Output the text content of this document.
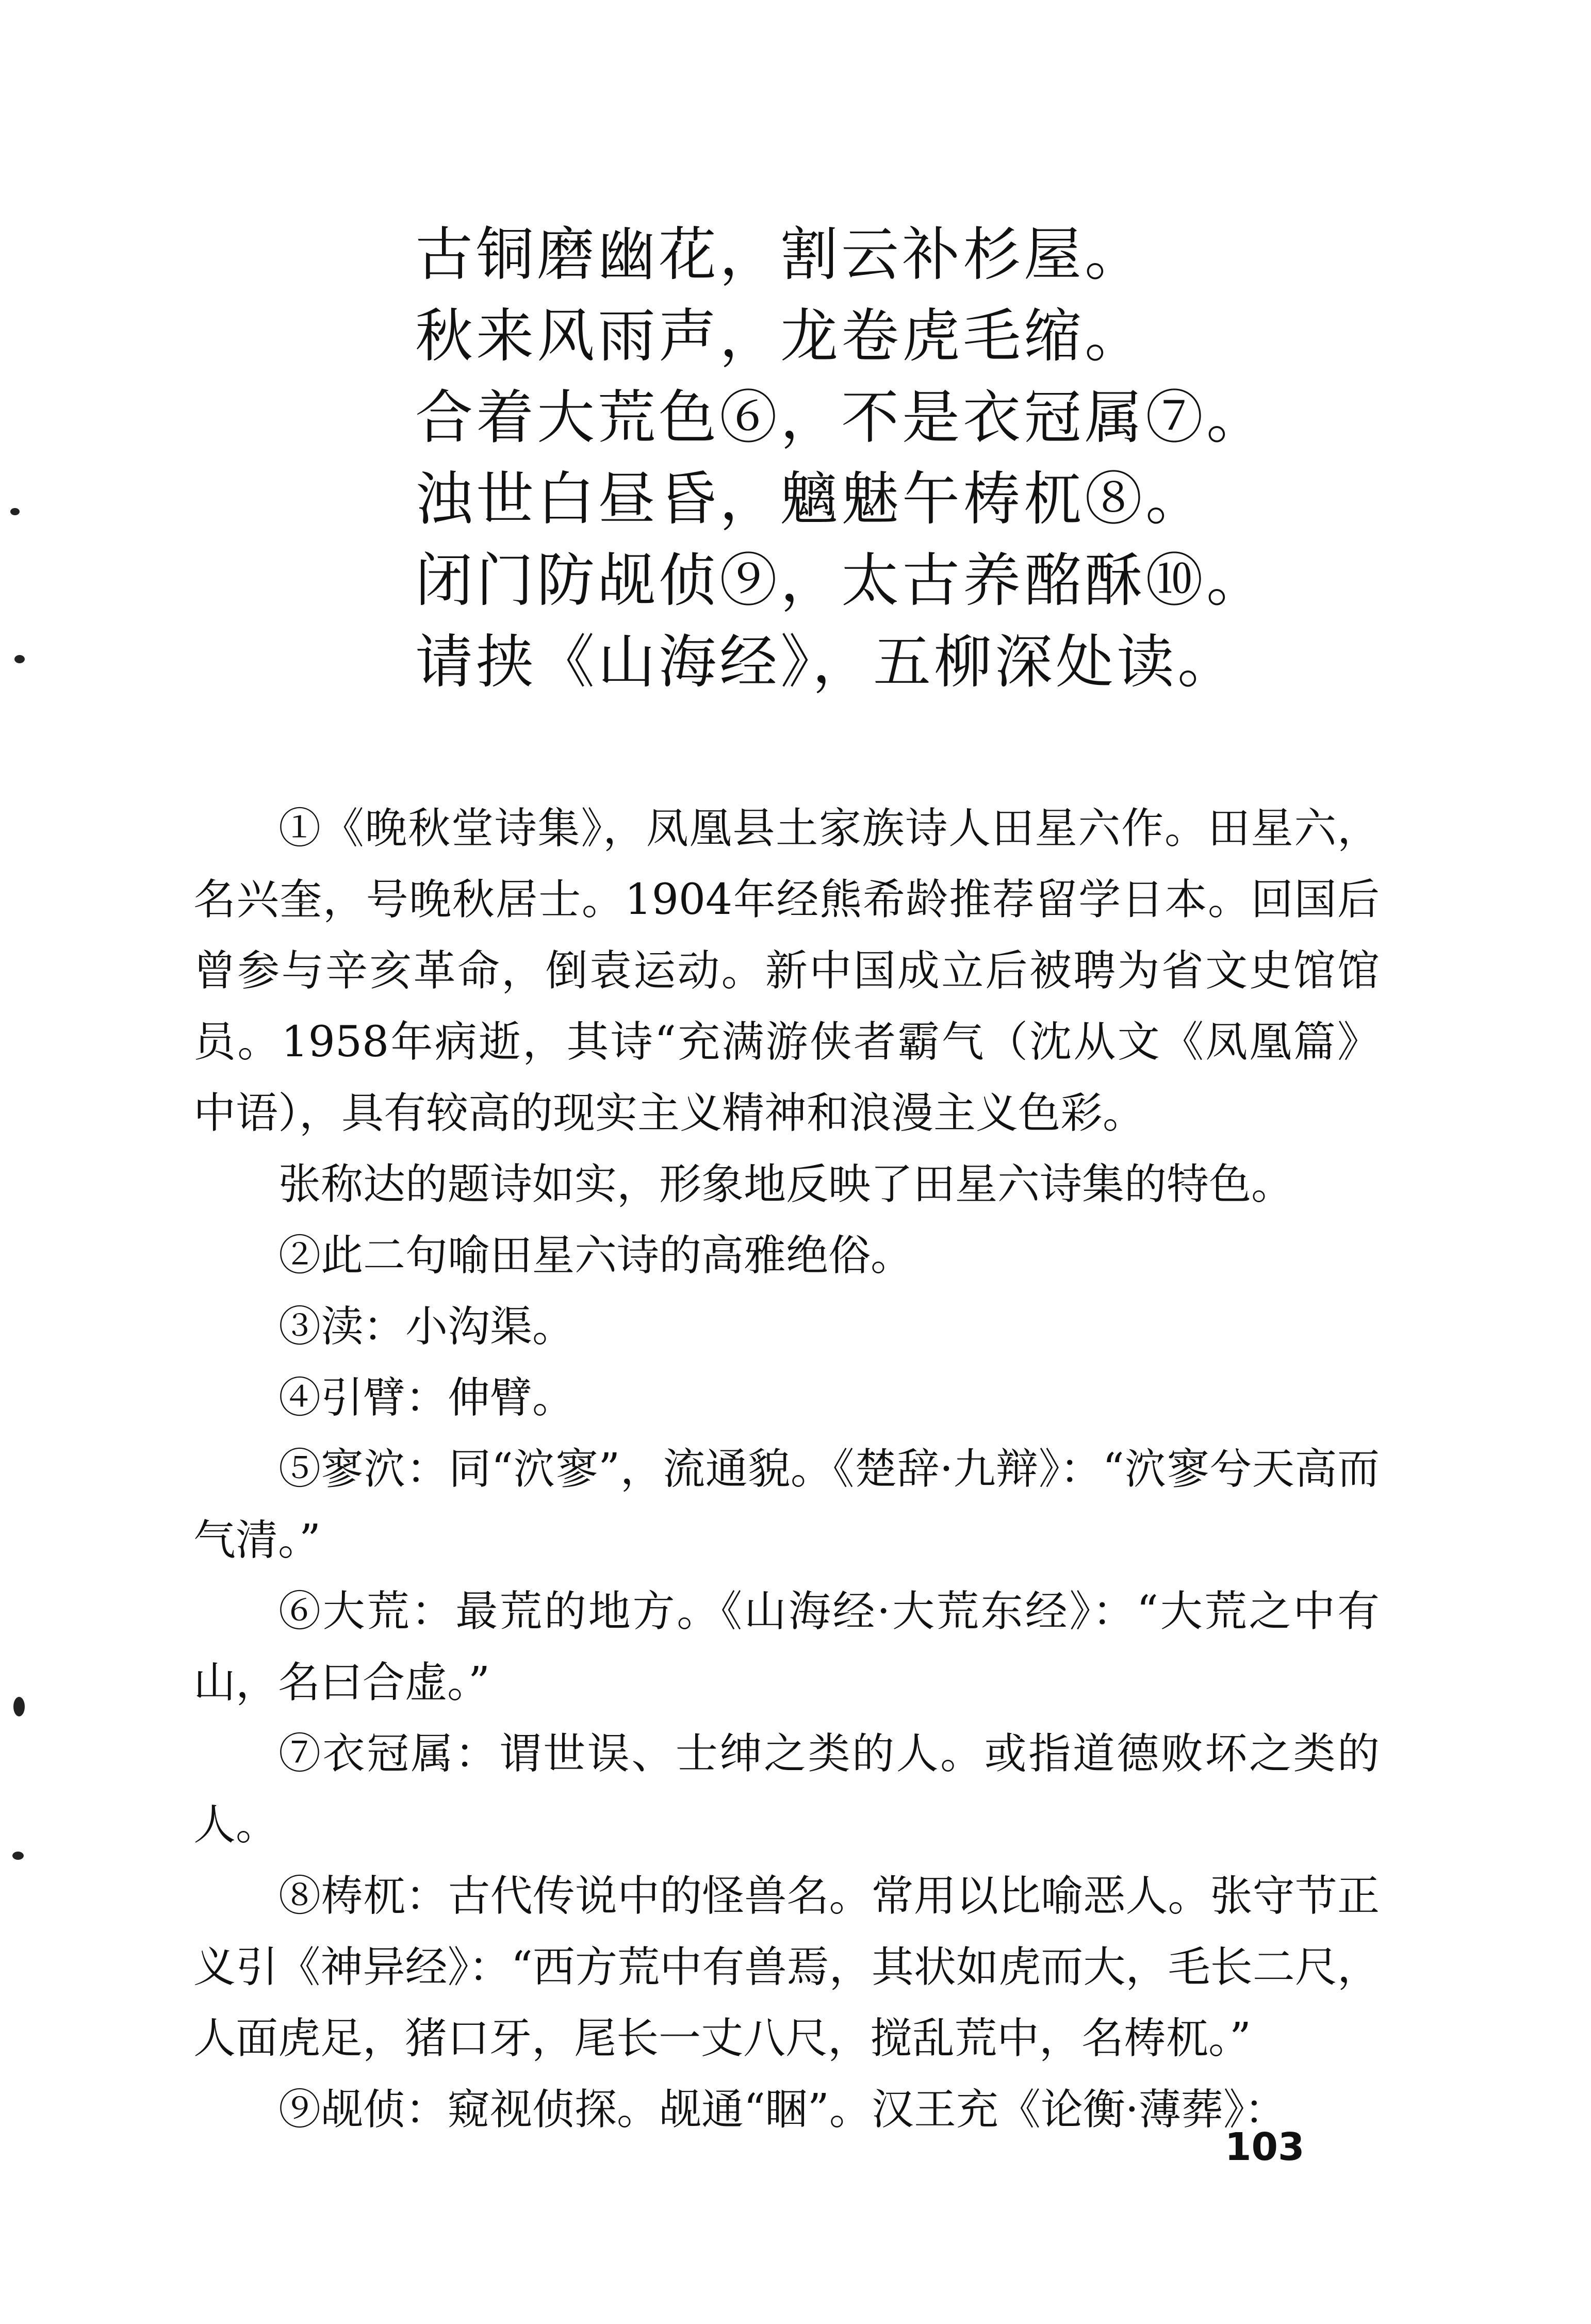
古铜磨幽花，割云补杉屋。
秋来风雨声，龙卷虎毛缩。
合着大荒色⑥，不是衣冠属⑦。
浊世白昼昏，魑魅午梼杌⑧。
闭门防觇侦⑨，太古养酩酥⑩。
请挟《山海经》，五柳深处读。

①《晚秋堂诗集》，凤凰县土家族诗人田星六作。田星六，名兴奎，号晚秋居士。1904年经熊希龄推荐留学日本。回国后曾参与辛亥革命，倒袁运动。新中国成立后被聘为省文史馆馆员。1958年病逝，其诗“充满游侠者霸气（沈从文《凤凰篇》中语），具有较高的现实主义精神和浪漫主义色彩。

张称达的题诗如实，形象地反映了田星六诗集的特色。

②此二句喻田星六诗的高雅绝俗。

③渎：小沟渠。

④引臂：伸臂。

⑤寥泬：同“泬寥”，流通貌。《楚辞·九辩》：“泬寥兮天高而气清。”

⑥大荒：最荒的地方。《山海经·大荒东经》：“大荒之中有山，名曰合虚。”

⑦衣冠属：谓世误、士绅之类的人。或指道德败坏之类的人。

⑧梼杌：古代传说中的怪兽名。常用以比喻恶人。张守节正义引《神异经》：“西方荒中有兽焉，其状如虎而大，毛长二尺，人面虎足，猪口牙，尾长一丈八尺，搅乱荒中，名梼杌。”

⑨觇侦：窥视侦探。觇通“睏”。汉王充《论衡·薄葬》：

103
